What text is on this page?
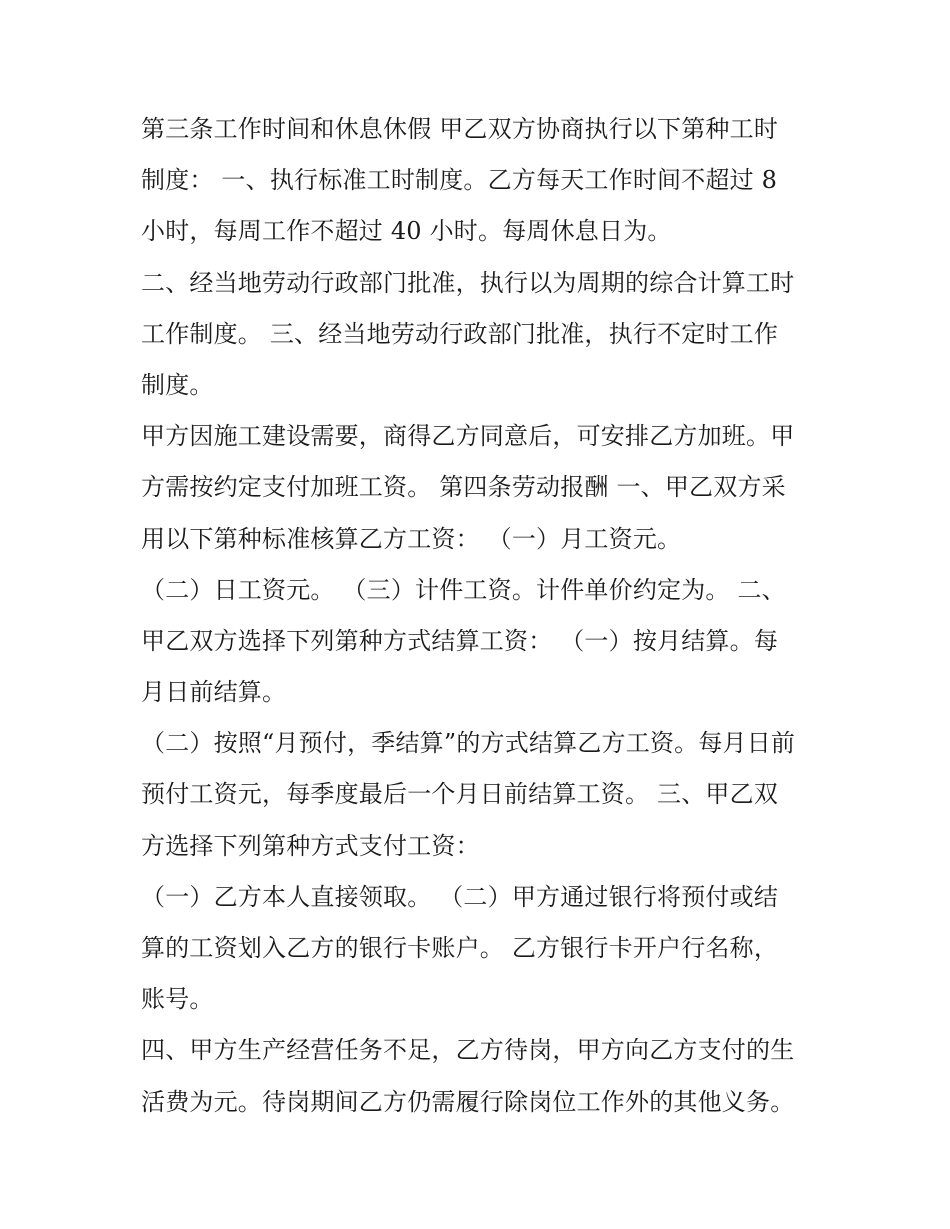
第三条工作时间和休息休假 甲乙双方协商执行以下第种工时
制度： 一、执行标准工时制度。乙方每天工作时间不超过 8
小时，每周工作不超过 40 小时。每周休息日为。
二、经当地劳动行政部门批准，执行以为周期的综合计算工时
工作制度。 三、经当地劳动行政部门批准，执行不定时工作
制度。
甲方因施工建设需要，商得乙方同意后，可安排乙方加班。甲
方需按约定支付加班工资。 第四条劳动报酬 一、甲乙双方采
用以下第种标准核算乙方工资： （一）月工资元。
（二）日工资元。 （三）计件工资。计件单价约定为。 二、
甲乙双方选择下列第种方式结算工资： （一）按月结算。每
月日前结算。
（二）按照“月预付，季结算”的方式结算乙方工资。每月日前
预付工资元，每季度最后一个月日前结算工资。 三、甲乙双
方选择下列第种方式支付工资：
（一）乙方本人直接领取。 （二）甲方通过银行将预付或结
算的工资划入乙方的银行卡账户。 乙方银行卡开户行名称，
账号。
四、甲方生产经营任务不足，乙方待岗，甲方向乙方支付的生
活费为元。待岗期间乙方仍需履行除岗位工作外的其他义务。
